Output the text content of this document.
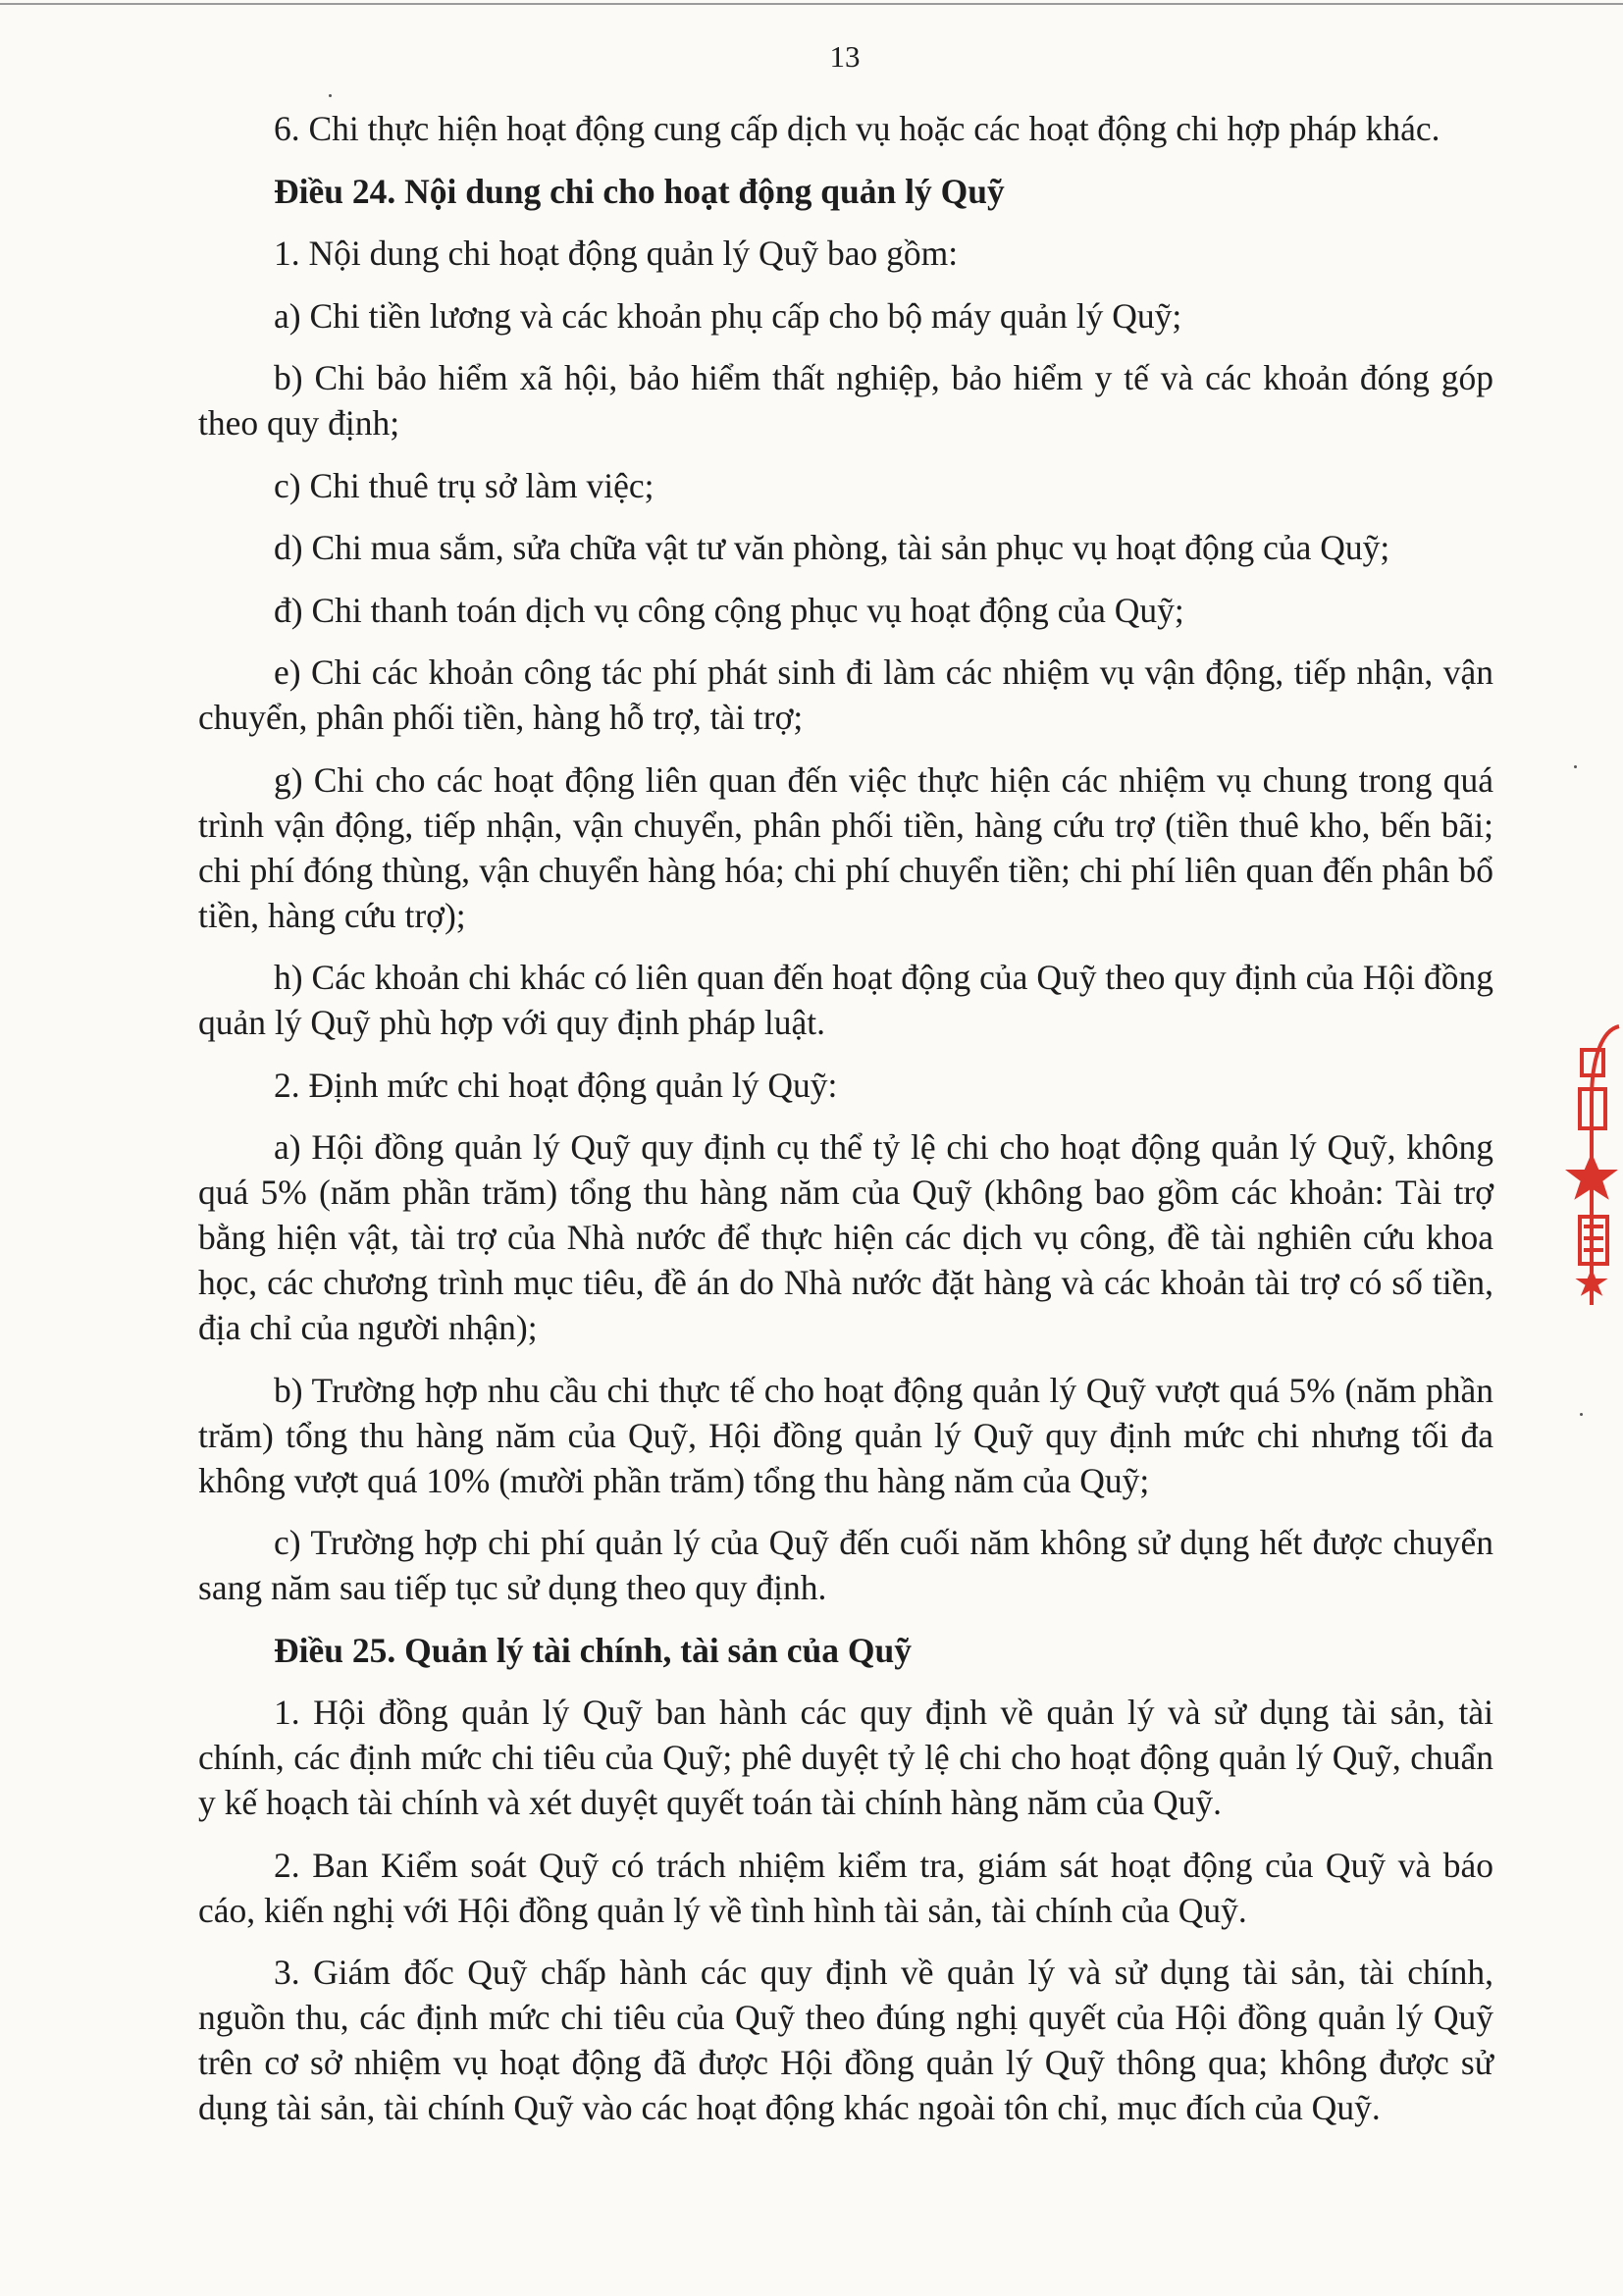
13

6. Chi thực hiện hoạt động cung cấp dịch vụ hoặc các hoạt động chi hợp pháp khác.

Điều 24. Nội dung chi cho hoạt động quản lý Quỹ

1. Nội dung chi hoạt động quản lý Quỹ bao gồm:

a) Chi tiền lương và các khoản phụ cấp cho bộ máy quản lý Quỹ;

b) Chi bảo hiểm xã hội, bảo hiểm thất nghiệp, bảo hiểm y tế và các khoản đóng góp theo quy định;

c) Chi thuê trụ sở làm việc;

d) Chi mua sắm, sửa chữa vật tư văn phòng, tài sản phục vụ hoạt động của Quỹ;

đ) Chi thanh toán dịch vụ công cộng phục vụ hoạt động của Quỹ;

e) Chi các khoản công tác phí phát sinh đi làm các nhiệm vụ vận động, tiếp nhận, vận chuyển, phân phối tiền, hàng hỗ trợ, tài trợ;

g) Chi cho các hoạt động liên quan đến việc thực hiện các nhiệm vụ chung trong quá trình vận động, tiếp nhận, vận chuyển, phân phối tiền, hàng cứu trợ (tiền thuê kho, bến bãi; chi phí đóng thùng, vận chuyển hàng hóa; chi phí chuyển tiền; chi phí liên quan đến phân bổ tiền, hàng cứu trợ);

h) Các khoản chi khác có liên quan đến hoạt động của Quỹ theo quy định của Hội đồng quản lý Quỹ phù hợp với quy định pháp luật.

2. Định mức chi hoạt động quản lý Quỹ:

a) Hội đồng quản lý Quỹ quy định cụ thể tỷ lệ chi cho hoạt động quản lý Quỹ, không quá 5% (năm phần trăm) tổng thu hàng năm của Quỹ (không bao gồm các khoản: Tài trợ bằng hiện vật, tài trợ của Nhà nước để thực hiện các dịch vụ công, đề tài nghiên cứu khoa học, các chương trình mục tiêu, đề án do Nhà nước đặt hàng và các khoản tài trợ có số tiền, địa chỉ của người nhận);

b) Trường hợp nhu cầu chi thực tế cho hoạt động quản lý Quỹ vượt quá 5% (năm phần trăm) tổng thu hàng năm của Quỹ, Hội đồng quản lý Quỹ quy định mức chi nhưng tối đa không vượt quá 10% (mười phần trăm) tổng thu hàng năm của Quỹ;

c) Trường hợp chi phí quản lý của Quỹ đến cuối năm không sử dụng hết được chuyển sang năm sau tiếp tục sử dụng theo quy định.

Điều 25. Quản lý tài chính, tài sản của Quỹ

1. Hội đồng quản lý Quỹ ban hành các quy định về quản lý và sử dụng tài sản, tài chính, các định mức chi tiêu của Quỹ; phê duyệt tỷ lệ chi cho hoạt động quản lý Quỹ, chuẩn y kế hoạch tài chính và xét duyệt quyết toán tài chính hàng năm của Quỹ.

2. Ban Kiểm soát Quỹ có trách nhiệm kiểm tra, giám sát hoạt động của Quỹ và báo cáo, kiến nghị với Hội đồng quản lý về tình hình tài sản, tài chính của Quỹ.

3. Giám đốc Quỹ chấp hành các quy định về quản lý và sử dụng tài sản, tài chính, nguồn thu, các định mức chi tiêu của Quỹ theo đúng nghị quyết của Hội đồng quản lý Quỹ trên cơ sở nhiệm vụ hoạt động đã được Hội đồng quản lý Quỹ thông qua; không được sử dụng tài sản, tài chính Quỹ vào các hoạt động khác ngoài tôn chỉ, mục đích của Quỹ.
